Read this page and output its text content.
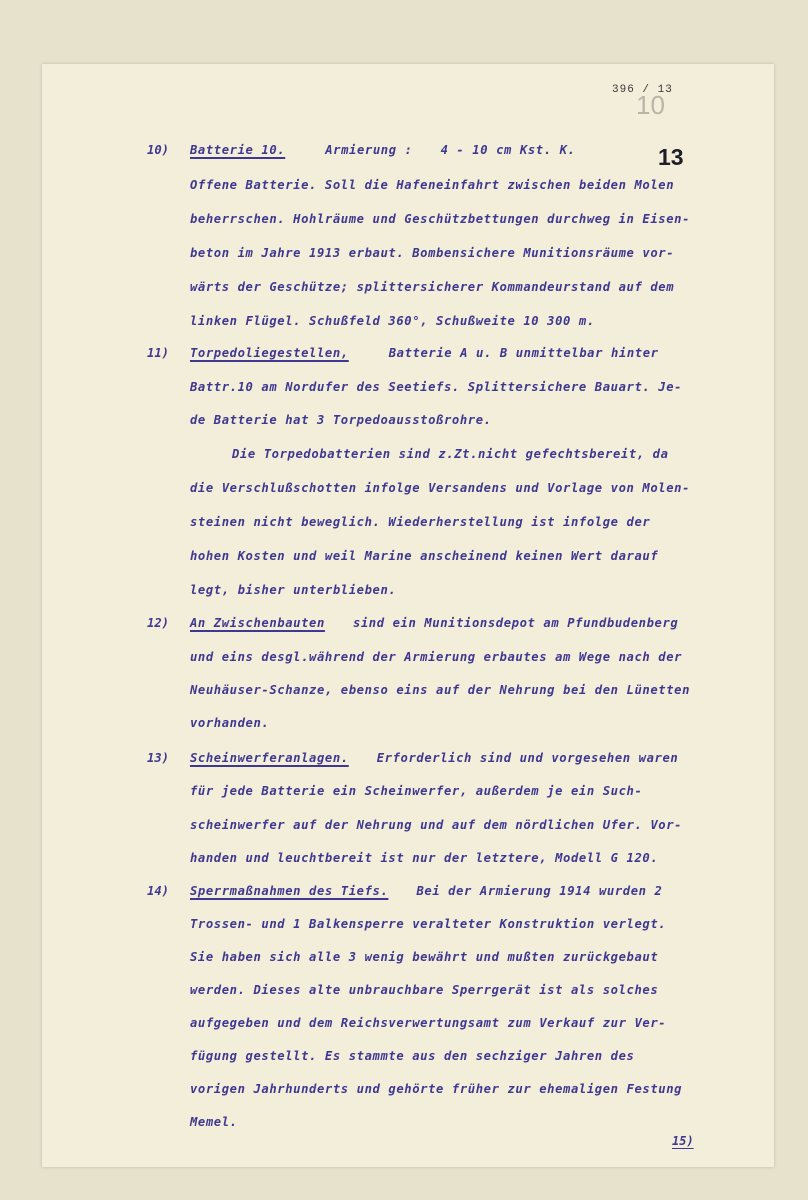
396 / 13
10
13
10) Batterie 10.	Armierung : 4 - 10 cm Kst. K.
Offene Batterie. Soll die Hafeneinfahrt zwischen beiden Molen
beherrschen. Hohlräume und Geschützbettungen durchweg in Eisen-
beton im Jahre 1913 erbaut. Bombensichere Munitionsräume vor-
wärts der Geschütze; splittersicherer Kommandeurstand auf dem
linken Flügel. Schußfeld 360°, Schußweite 10 300 m.
11) Torpedoliegestellen,	Batterie A u. B unmittelbar hinter
Battr.10 am Nordufer des Seetiefs. Splittersichere Bauart. Je-
de Batterie hat 3 Torpedoausstoßrohre.
Die Torpedobatterien sind z.Zt.nicht gefechtsbereit, da
die Verschlußschotten infolge Versandens und Vorlage von Molen-
steinen nicht beweglich. Wiederherstellung ist infolge der
hohen Kosten und weil Marine anscheinend keinen Wert darauf
legt, bisher unterblieben.
12) An Zwischenbauten sind ein Munitionsdepot am Pfundbudenberg
und eins desgl.während der Armierung erbautes am Wege nach der
Neuhäuser-Schanze, ebenso eins auf der Nehrung bei den Lünetten
vorhanden.
13) Scheinwerferanlagen. Erforderlich sind und vorgesehen waren
für jede Batterie ein Scheinwerfer, außerdem je ein Such-
scheinwerfer auf der Nehrung und auf dem nördlichen Ufer. Vor-
handen und leuchtbereit ist nur der letztere, Modell G 120.
14) Sperrmaßnahmen des Tiefs. Bei der Armierung 1914 wurden 2
Trossen- und 1 Balkensperre veralteter Konstruktion verlegt.
Sie haben sich alle 3 wenig bewährt und mußten zurückgebaut
werden. Dieses alte unbrauchbare Sperrgerät ist als solches
aufgegeben und dem Reichsverwertungsamt zum Verkauf zur Ver-
fügung gestellt. Es stammte aus den sechziger Jahren des
vorigen Jahrhunderts und gehörte früher zur ehemaligen Festung
Memel.
15)
